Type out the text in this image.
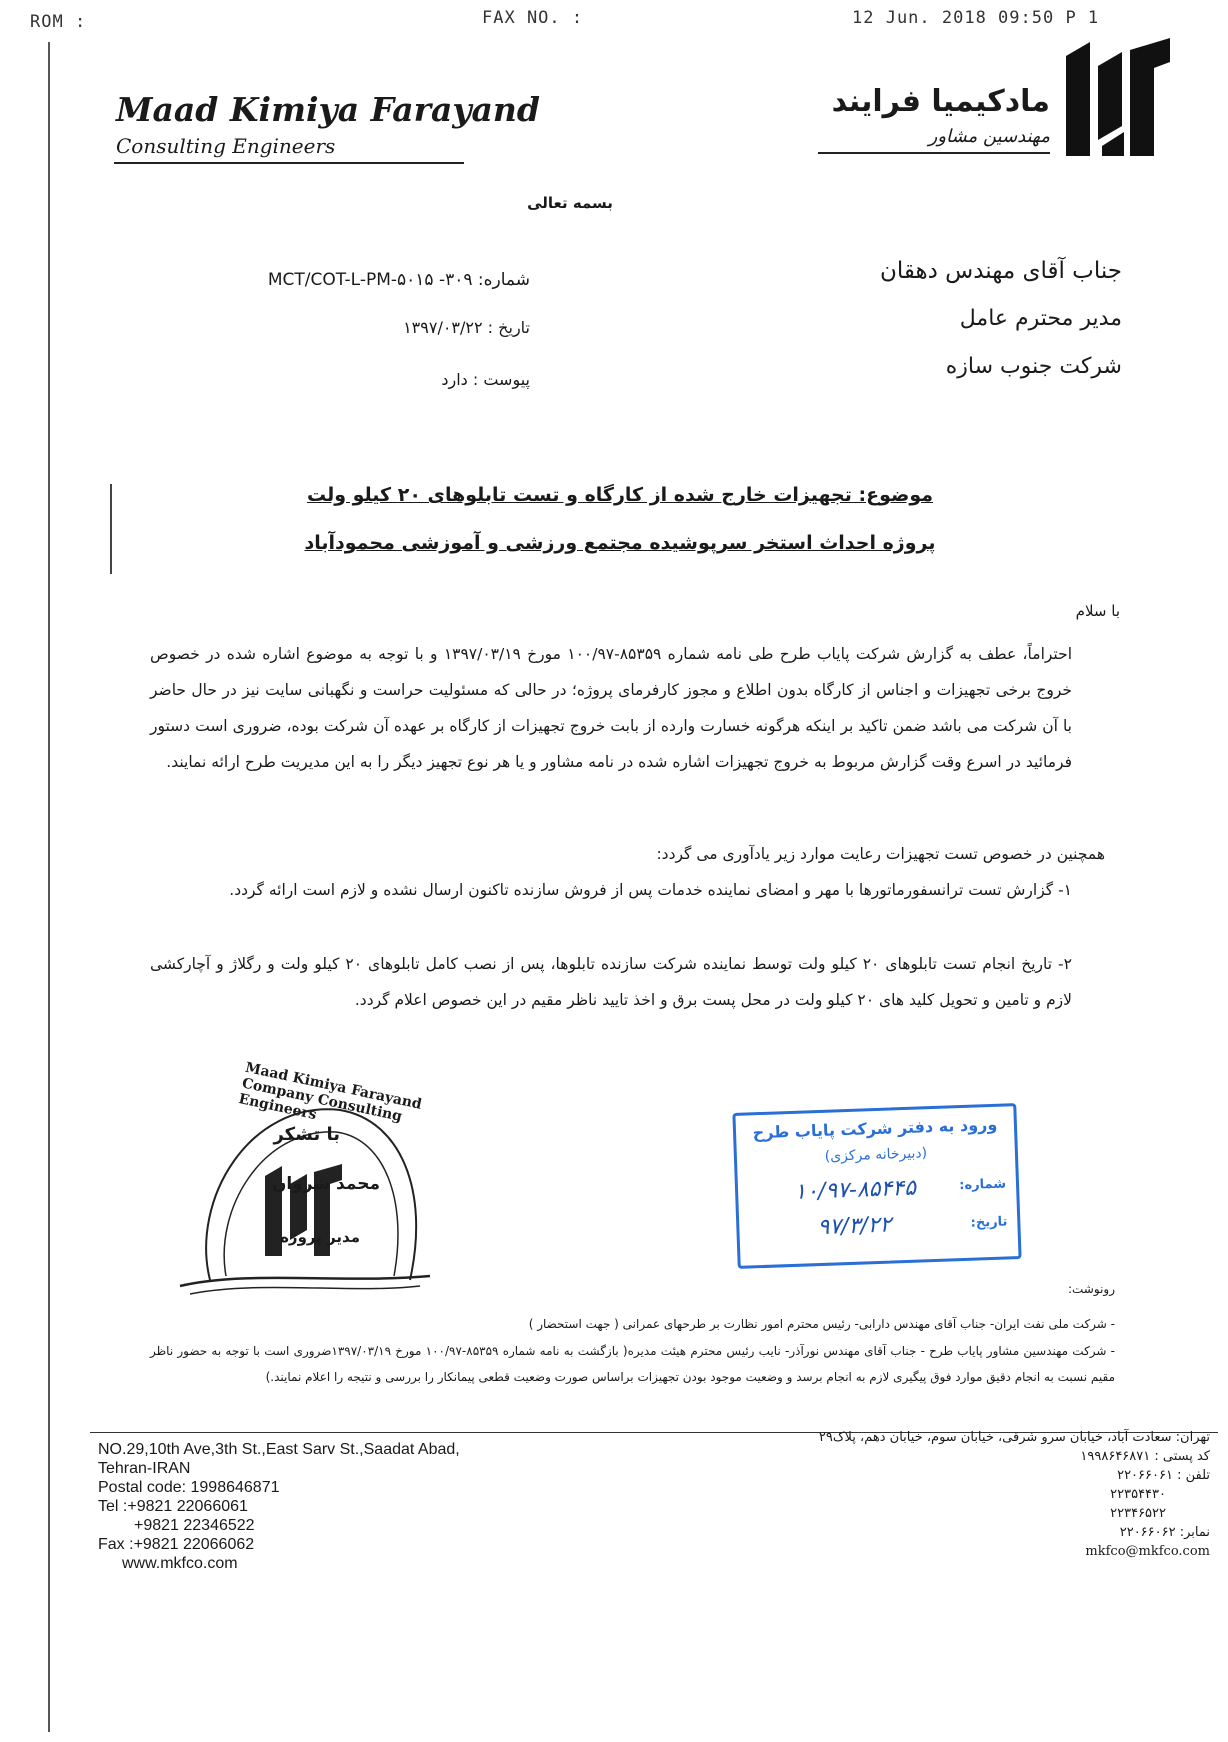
ROM :	FAX NO. :	12 Jun. 2018 09:50 P 1
Maad Kimiya Farayand
Consulting Engineers
مادکیمیا فرایند
مهندسین مشاور
بسمه تعالی
جناب آقای مهندس دهقان
مدیر محترم عامل
شرکت جنوب سازه
شماره: MCT/COT-L-PM-۵۰۱۵ -۳۰۹
تاریخ : ۱۳۹۷/۰۳/۲۲
پیوست : دارد
موضوع: تجهیزات خارج شده از کارگاه و تست تابلوهای ۲۰ کیلو ولت
پروژه احداث استخر سرپوشیده مجتمع ورزشی و آموزشی محمودآباد
با سلام
احتراماً، عطف به گزارش شرکت پایاب طرح طی نامه شماره ۸۵۳۵۹-۱۰۰/۹۷ مورخ ۱۳۹۷/۰۳/۱۹ و با توجه به موضوع اشاره شده در خصوص خروج برخی تجهیزات و اجناس از کارگاه بدون اطلاع و مجوز کارفرمای پروژه؛ در حالی که مسئولیت حراست و نگهبانی سایت نیز در حال حاضر با آن شرکت می باشد ضمن تاکید بر اینکه هرگونه خسارت وارده از بابت خروج تجهیزات از کارگاه بر عهده آن شرکت بوده، ضروری است دستور فرمائید در اسرع وقت گزارش مربوط به خروج تجهیزات اشاره شده در نامه مشاور و یا هر نوع تجهیز دیگر را به این مدیریت طرح ارائه نمایند.
همچنین در خصوص تست تجهیزات رعایت موارد زیر یادآوری می گردد:
۱- گزارش تست ترانسفورماتورها با مهر و امضای نماینده خدمات پس از فروش سازنده تاکنون ارسال نشده و لازم است ارائه گردد.
۲- تاریخ انجام تست تابلوهای ۲۰ کیلو ولت توسط نماینده شرکت سازنده تابلوها، پس از نصب کامل تابلوهای ۲۰ کیلو ولت و رگلاژ و آچارکشی لازم و تامین و تحویل کلید های ۲۰ کیلو ولت در محل پست برق و اخذ تایید ناظر مقیم در این خصوص اعلام گردد.
Maad Kimiya Farayand Company Consulting Engineers
با تشکر
محمد شروان
مدیر پروژه
ورود به دفتر شرکت پایاب طرح
(دبیرخانه مرکزی)
شماره:
۱۰/۹۷-۸۵۴۴۵
تاریخ:
۹۷/۳/۲۲
رونوشت:
- شرکت ملی نفت ایران- جناب آقای مهندس دارابی- رئیس محترم امور نظارت بر طرحهای عمرانی ( جهت استحضار )
- شرکت مهندسین مشاور پایاب طرح - جناب آقای مهندس نورآذر- نایب رئیس محترم هیئت مدیره( بازگشت به نامه شماره ۸۵۳۵۹-۱۰۰/۹۷ مورخ ۱۳۹۷/۰۳/۱۹ضروری است با توجه به حضور ناظر مقیم نسبت به انجام دقیق موارد فوق پیگیری لازم به انجام برسد و وضعیت موجود بودن تجهیزات براساس صورت وضعیت قطعی پیمانکار را بررسی و نتیجه را اعلام نمایند.)
NO.29,10th Ave,3th St.,East Sarv St.,Saadat Abad,
Tehran-IRAN
Postal code: 1998646871
Tel :+9821 22066061
+9821 22346522
Fax :+9821 22066062
www.mkfco.com
تهران: سعادت آباد، خیابان سرو شرقی، خیابان سوم، خیابان دهم، پلاک۲۹
کد پستی : ۱۹۹۸۶۴۶۸۷۱
تلفن : ۲۲۰۶۶۰۶۱
۲۲۳۵۴۴۳۰
۲۲۳۴۶۵۲۲
نمابر: ۲۲۰۶۶۰۶۲
mkfco@mkfco.com
